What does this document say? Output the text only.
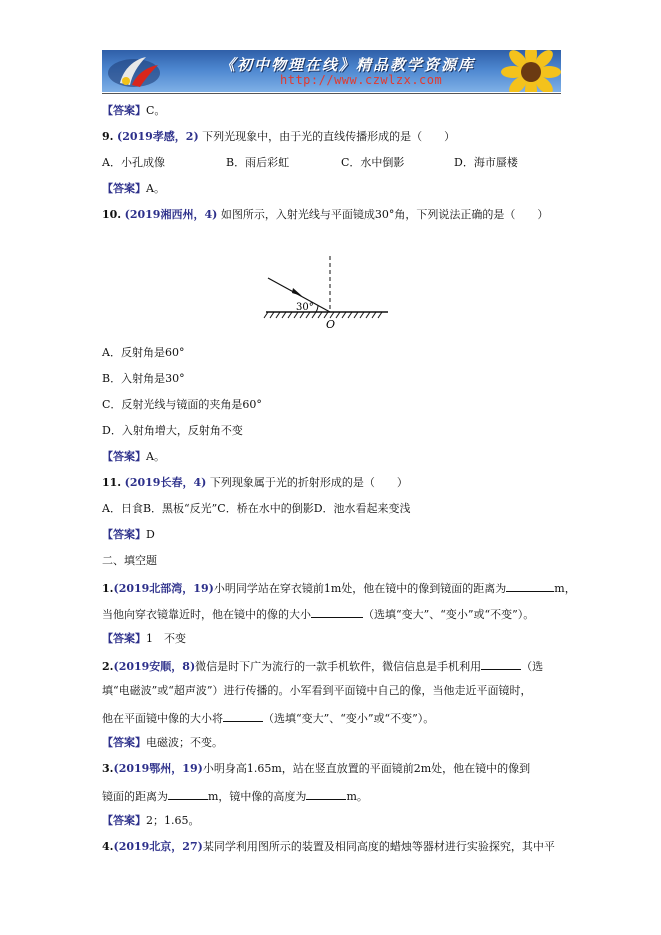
《初中物理在线》精品教学资源库
http://www.czwlzx.com
【答案】C。
9. (2019孝感，2) 下列光现象中，由于光的直线传播形成的是（　　）
A．小孔成像	B．雨后彩虹	C．水中倒影	D．海市蜃楼
【答案】A。
10. (2019湘西州，4) 如图所示，入射光线与平面镜成30°角，下列说法正确的是（　　）
30°
O
A．反射角是60°
B．入射角是30°
C．反射光线与镜面的夹角是60°
D．入射角增大，反射角不变
【答案】A。
11. (2019长春，4) 下列现象属于光的折射形成的是（　　）
A．日食B．黑板“反光”C．桥在水中的倒影D．池水看起来变浅
【答案】D
二、填空题
1.(2019北部湾，19)小明同学站在穿衣镜前1m处，他在镜中的像到镜面的距离为	m，
当他向穿衣镜靠近时，他在镜中的像的大小	（选填“变大”、“变小”或“不变”）。
【答案】1　不变
2.(2019安顺，8)微信是时下广为流行的一款手机软件，微信信息是手机利用	（选
填“电磁波”或“超声波”）进行传播的。小军看到平面镜中自己的像，当他走近平面镜时，
他在平面镜中像的大小将	（选填“变大”、“变小”或“不变”）。
【答案】电磁波；不变。
3.(2019鄂州，19)小明身高1.65m，站在竖直放置的平面镜前2m处，他在镜中的像到
镜面的距离为	m，镜中像的高度为	m。
【答案】2；1.65。
4.(2019北京，27)某同学利用图所示的装置及相同高度的蜡烛等器材进行实验探究，其中平
